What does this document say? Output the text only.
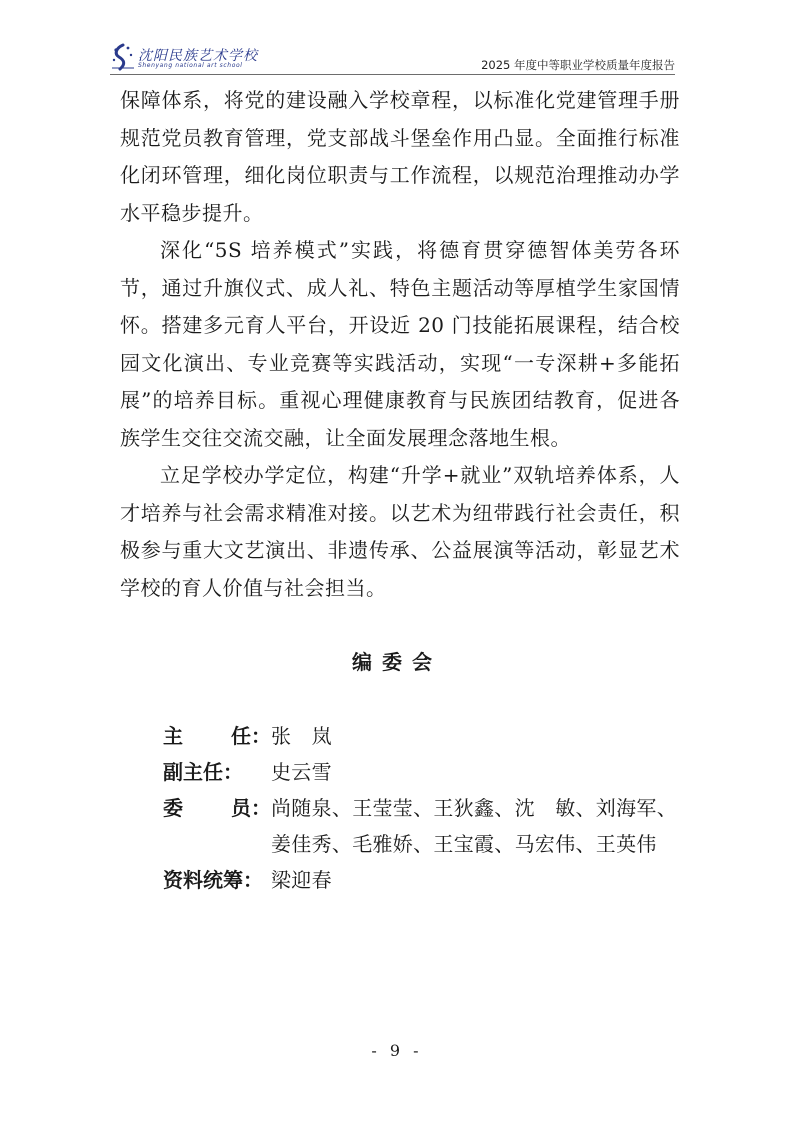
沈阳民族艺术学校
Shenyang national art school	2025 年度中等职业学校质量年度报告

保障体系，将党的建设融入学校章程，以标准化党建管理手册规范党员教育管理，党支部战斗堡垒作用凸显。全面推行标准化闭环管理，细化岗位职责与工作流程，以规范治理推动办学水平稳步提升。

深化“5S 培养模式”实践，将德育贯穿德智体美劳各环节，通过升旗仪式、成人礼、特色主题活动等厚植学生家国情怀。搭建多元育人平台，开设近 20 门技能拓展课程，结合校园文化演出、专业竞赛等实践活动，实现“一专深耕+多能拓展”的培养目标。重视心理健康教育与民族团结教育，促进各族学生交往交流交融，让全面发展理念落地生根。

立足学校办学定位，构建“升学+就业”双轨培养体系，人才培养与社会需求精准对接。以艺术为纽带践行社会责任，积极参与重大文艺演出、非遗传承、公益展演等活动，彰显艺术学校的育人价值与社会担当。

编委会
主 任： 张　岚
副主任：	史云雪
委 员： 尚随泉、王莹莹、王狄鑫、沈　敏、刘海军、
姜佳秀、毛雅娇、王宝霞、马宏伟、王英伟
资料统筹： 梁迎春
- 9 -
